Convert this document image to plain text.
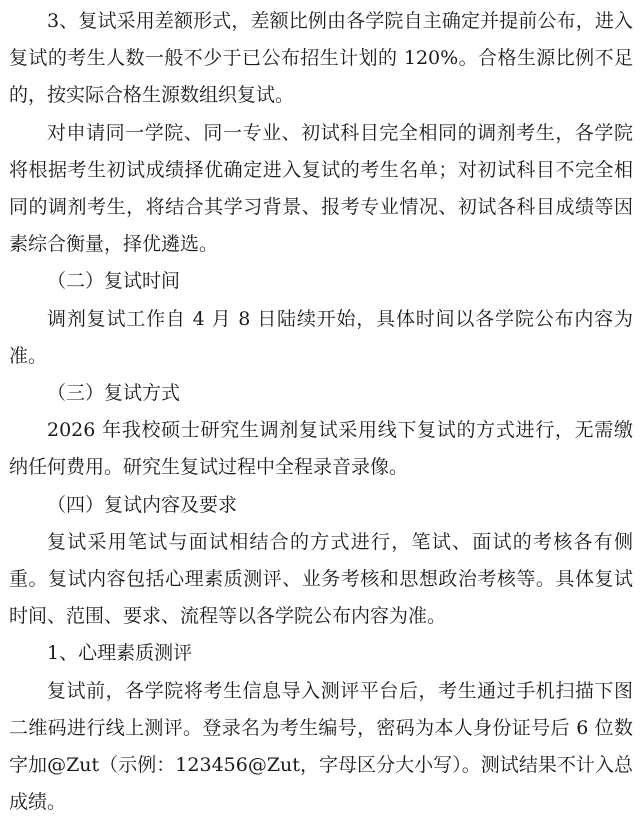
3、复试采用差额形式，差额比例由各学院自主确定并提前公布，进入复试的考生人数一般不少于已公布招生计划的 120%。合格生源比例不足的，按实际合格生源数组织复试。

对申请同一学院、同一专业、初试科目完全相同的调剂考生，各学院将根据考生初试成绩择优确定进入复试的考生名单；对初试科目不完全相同的调剂考生，将结合其学习背景、报考专业情况、初试各科目成绩等因素综合衡量，择优遴选。

（二）复试时间

调剂复试工作自 4 月 8 日陆续开始，具体时间以各学院公布内容为准。

（三）复试方式

2026 年我校硕士研究生调剂复试采用线下复试的方式进行，无需缴纳任何费用。研究生复试过程中全程录音录像。

（四）复试内容及要求

复试采用笔试与面试相结合的方式进行，笔试、面试的考核各有侧重。复试内容包括心理素质测评、业务考核和思想政治考核等。具体复试时间、范围、要求、流程等以各学院公布内容为准。

1、心理素质测评

复试前，各学院将考生信息导入测评平台后，考生通过手机扫描下图二维码进行线上测评。登录名为考生编号，密码为本人身份证号后 6 位数字加@Zut（示例：123456@Zut，字母区分大小写）。测试结果不计入总成绩。
